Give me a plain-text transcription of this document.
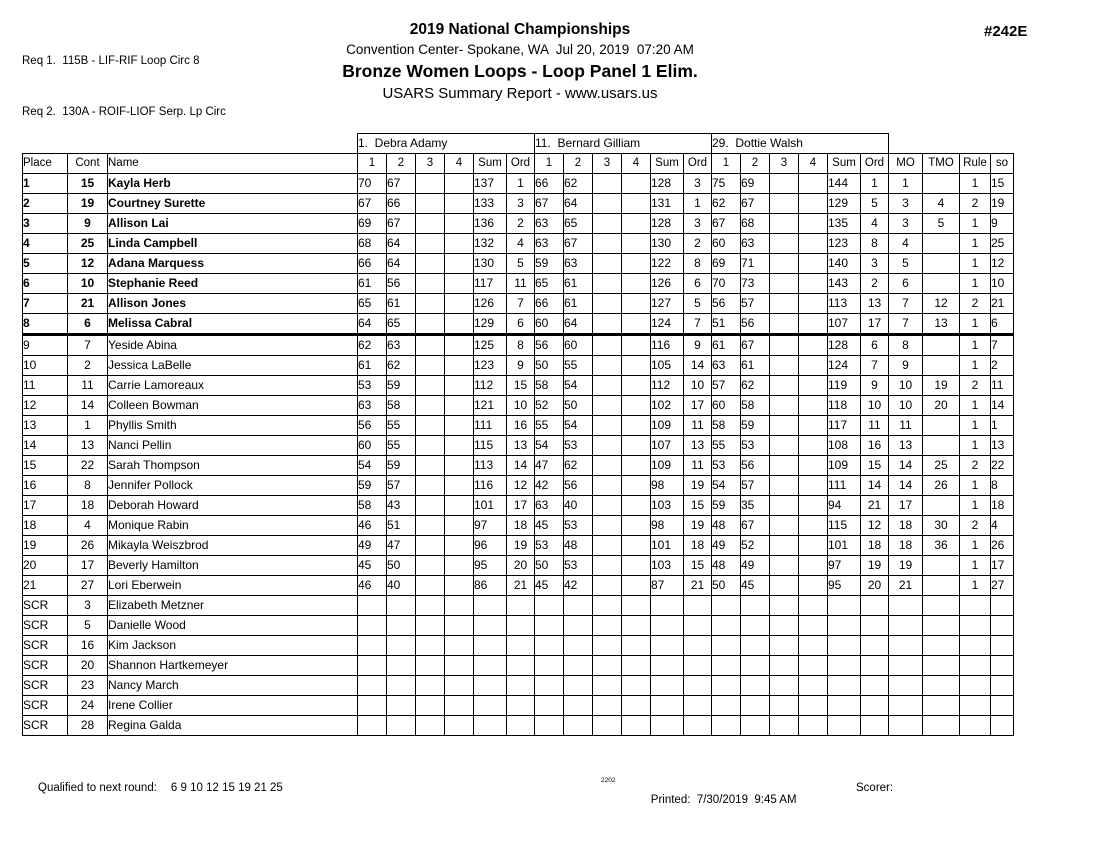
Req 1.  115B - LIF-RIF Loop Circ 8

Req 2.  130A - ROIF-LIOF Serp. Lp Circ

#242E
2019 National Championships
Convention Center- Spokane, WA  Jul 20, 2019  07:20 AM
Bronze Women Loops - Loop Panel 1 Elim.
USARS Summary Report - www.usars.us
			1.  Debra Adamy						11.  Bernard Gilliam						29.  Dottie Walsh									
Place	Cont	Name	1	2	3	4	Sum	Ord	1	2	3	4	Sum	Ord	1	2	3	4	Sum	Ord	MO	TMO	Rule	so
1	15	Kayla Herb	70	67			137	1	66	62			128	3	75	69			144	1	1		1	15
2	19	Courtney Surette	67	66			133	3	67	64			131	1	62	67			129	5	3	4	2	19
3	9	Allison Lai	69	67			136	2	63	65			128	3	67	68			135	4	3	5	1	9
4	25	Linda Campbell	68	64			132	4	63	67			130	2	60	63			123	8	4		1	25
5	12	Adana Marquess	66	64			130	5	59	63			122	8	69	71			140	3	5		1	12
6	10	Stephanie Reed	61	56			117	11	65	61			126	6	70	73			143	2	6		1	10
7	21	Allison Jones	65	61			126	7	66	61			127	5	56	57			113	13	7	12	2	21
8	6	Melissa Cabral	64	65			129	6	60	64			124	7	51	56			107	17	7	13	1	6
9	7	Yeside Abina	62	63			125	8	56	60			116	9	61	67			128	6	8		1	7
10	2	Jessica LaBelle	61	62			123	9	50	55			105	14	63	61			124	7	9		1	2
11	11	Carrie Lamoreaux	53	59			112	15	58	54			112	10	57	62			119	9	10	19	2	11
12	14	Colleen Bowman	63	58			121	10	52	50			102	17	60	58			118	10	10	20	1	14
13	1	Phyllis Smith	56	55			111	16	55	54			109	11	58	59			117	11	11		1	1
14	13	Nanci Pellin	60	55			115	13	54	53			107	13	55	53			108	16	13		1	13
15	22	Sarah Thompson	54	59			113	14	47	62			109	11	53	56			109	15	14	25	2	22
16	8	Jennifer Pollock	59	57			116	12	42	56			98	19	54	57			111	14	14	26	1	8
17	18	Deborah Howard	58	43			101	17	63	40			103	15	59	35			94	21	17		1	18
18	4	Monique Rabin	46	51			97	18	45	53			98	19	48	67			115	12	18	30	2	4
19	26	Mikayla Weiszbrod	49	47			96	19	53	48			101	18	49	52			101	18	18	36	1	26
20	17	Beverly Hamilton	45	50			95	20	50	53			103	15	48	49			97	19	19		1	17
21	27	Lori Eberwein	46	40			86	21	45	42			87	21	50	45			95	20	21		1	27
SCR	3	Elizabeth Metzner																						
SCR	5	Danielle Wood																						
SCR	16	Kim Jackson																						
SCR	20	Shannon Hartkemeyer																						
SCR	23	Nancy March																						
SCR	24	Irene Collier																						
SCR	28	Regina Galda																						
Qualified to next round: 6 9 10 12 15 19 21 25
2202

Printed: 7/30/2019  9:45 AM

Scorer:
